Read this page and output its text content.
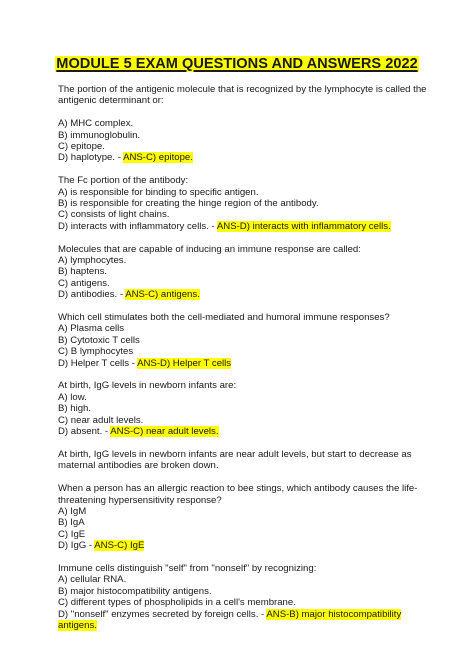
MODULE 5 EXAM QUESTIONS AND ANSWERS 2022
The portion of the antigenic molecule that is recognized by the lymphocyte is called the antigenic determinant or:
A) MHC complex.
B) immunoglobulin.
C) epitope.
D) haplotype. - ANS-C) epitope.
The Fc portion of the antibody:
A) is responsible for binding to specific antigen.
B) is responsible for creating the hinge region of the antibody.
C) consists of light chains.
D) interacts with inflammatory cells. - ANS-D) interacts with inflammatory cells.
Molecules that are capable of inducing an immune response are called:
A) lymphocytes.
B) haptens.
C) antigens.
D) antibodies. - ANS-C) antigens.
Which cell stimulates both the cell-mediated and humoral immune responses?
A) Plasma cells
B) Cytotoxic T cells
C) B lymphocytes
D) Helper T cells - ANS-D) Helper T cells
At birth, IgG levels in newborn infants are:
A) low.
B) high.
C) near adult levels.
D) absent. - ANS-C) near adult levels.
At birth, IgG levels in newborn infants are near adult levels, but start to decrease as maternal antibodies are broken down.
When a person has an allergic reaction to bee stings, which antibody causes the life-threatening hypersensitivity response?
A) IgM
B) IgA
C) IgE
D) IgG - ANS-C) IgE
Immune cells distinguish "self" from "nonself" by recognizing:
A) cellular RNA.
B) major histocompatibility antigens.
C) different types of phospholipids in a cell's membrane.
D) "nonself" enzymes secreted by foreign cells. - ANS-B) major histocompatibility antigens.
